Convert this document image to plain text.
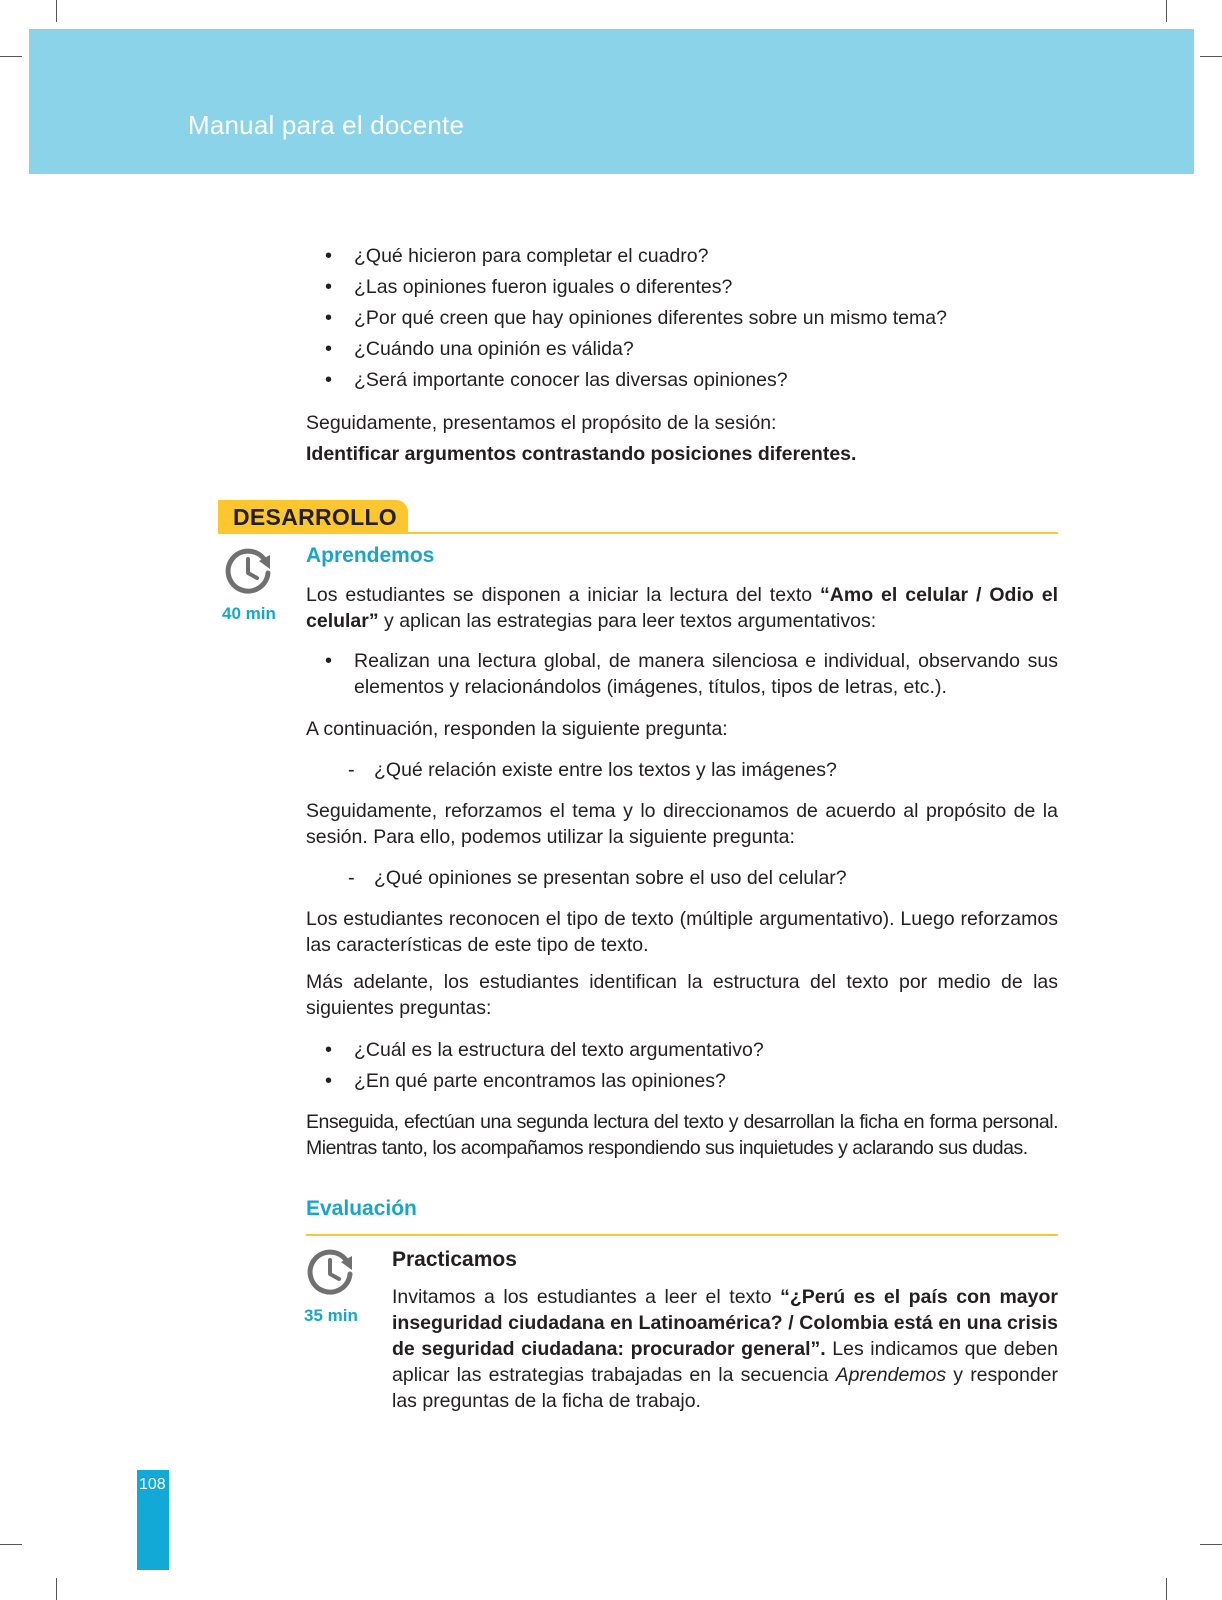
Manual para el docente
• ¿Qué hicieron para completar el cuadro?
• ¿Las opiniones fueron iguales o diferentes?
• ¿Por qué creen que hay opiniones diferentes sobre un mismo tema?
• ¿Cuándo una opinión es válida?
• ¿Será importante conocer las diversas opiniones?

Seguidamente, presentamos el propósito de la sesión:

Identificar argumentos contrastando posiciones diferentes.

DESARROLLO
Aprendemos
40 min

Los estudiantes se disponen a iniciar la lectura del texto “Amo el celular / Odio el celular” y aplican las estrategias para leer textos argumentativos:

• Realizan una lectura global, de manera silenciosa e individual, observando sus elementos y relacionándolos (imágenes, títulos, tipos de letras, etc.).

A continuación, responden la siguiente pregunta:

- ¿Qué relación existe entre los textos y las imágenes?

Seguidamente, reforzamos el tema y lo direccionamos de acuerdo al propósito de la sesión. Para ello, podemos utilizar la siguiente pregunta:

- ¿Qué opiniones se presentan sobre el uso del celular?

Los estudiantes reconocen el tipo de texto (múltiple argumentativo). Luego reforzamos las características de este tipo de texto.

Más adelante, los estudiantes identifican la estructura del texto por medio de las siguientes preguntas:

• ¿Cuál es la estructura del texto argumentativo?
• ¿En qué parte encontramos las opiniones?

Enseguida, efectúan una segunda lectura del texto y desarrollan la ficha en forma personal. Mientras tanto, los acompañamos respondiendo sus inquietudes y aclarando sus dudas.

Evaluación
35 min
Practicamos

Invitamos a los estudiantes a leer el texto “¿Perú es el país con mayor inseguridad ciudadana en Latinoamérica? / Colombia está en una crisis de seguridad ciudadana: procurador general”. Les indicamos que deben aplicar las estrategias trabajadas en la secuencia Aprendemos y responder las preguntas de la ficha de trabajo.

108
